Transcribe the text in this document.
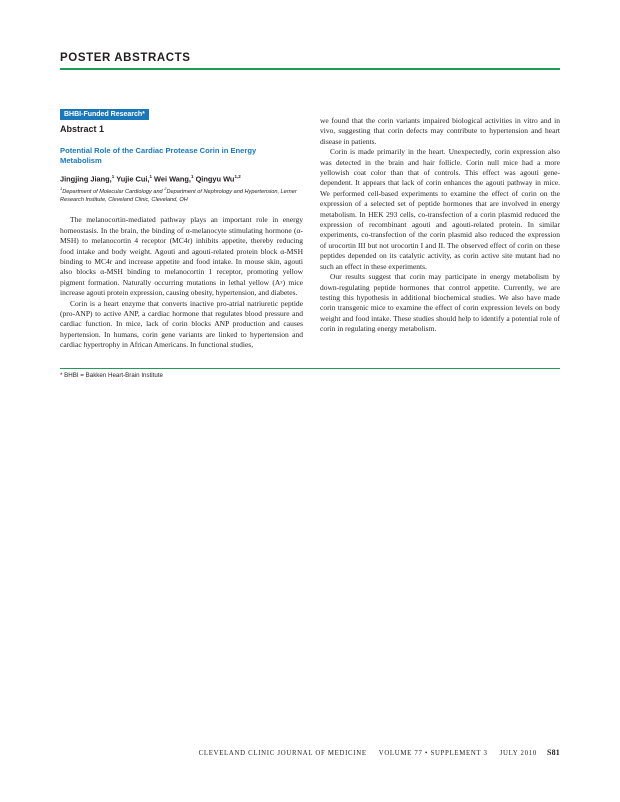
POSTER ABSTRACTS
BHBI-Funded Research*
Abstract 1
Potential Role of the Cardiac Protease Corin in Energy Metabolism
Jingjing Jiang,$^1$ Yujie Cui,$^1$ Wei Wang,$^1$ Qingyu Wu$^{1,2}$
$^1$Department of Molecular Cardiology and $^2$Department of Nephrology and Hypertension, Lerner Research Institute, Cleveland Clinic, Cleveland, OH

The melanocortin-mediated pathway plays an important role in energy homeostasis. In the brain, the binding of α-melanocyte stimulating hormone (α-MSH) to melanocortin 4 receptor (MC4r) inhibits appetite, thereby reducing food intake and body weight. Agouti and agouti-related protein block α-MSH binding to MC4r and increase appetite and food intake. In mouse skin, agouti also blocks α-MSH binding to melanocortin 1 receptor, promoting yellow pigment formation. Naturally occurring mutations in lethal yellow (Aʸ) mice increase agouti protein expression, causing obesity, hypertension, and diabetes.

Corin is a heart enzyme that converts inactive pro-atrial natriuretic peptide (pro-ANP) to active ANP, a cardiac hormone that regulates blood pressure and cardiac function. In mice, lack of corin blocks ANP production and causes hypertension. In humans, corin gene variants are linked to hypertension and cardiac hypertrophy in African Americans. In functional studies,

we found that the corin variants impaired biological activities in vitro and in vivo, suggesting that corin defects may contribute to hypertension and heart disease in patients.

Corin is made primarily in the heart. Unexpectedly, corin expression also was detected in the brain and hair follicle. Corin null mice had a more yellowish coat color than that of controls. This effect was agouti gene-dependent. It appears that lack of corin enhances the agouti pathway in mice. We performed cell-based experiments to examine the effect of corin on the expression of a selected set of peptide hormones that are involved in energy metabolism. In HEK 293 cells, co-transfection of a corin plasmid reduced the expression of recombinant agouti and agouti-related protein. In similar experiments, co-transfection of the corin plasmid also reduced the expression of urocortin III but not urocortin I and II. The observed effect of corin on these peptides depended on its catalytic activity, as corin active site mutant had no such an effect in these experiments.

Our results suggest that corin may participate in energy metabolism by down-regulating peptide hormones that control appetite. Currently, we are testing this hypothesis in additional biochemical studies. We also have made corin transgenic mice to examine the effect of corin expression levels on body weight and food intake. These studies should help to identify a potential role of corin in regulating energy metabolism.

* BHBI = Bakken Heart-Brain Institute
CLEVELAND CLINIC JOURNAL OF MEDICINE VOLUME 77 • SUPPLEMENT 3 JULY 2010 S81
